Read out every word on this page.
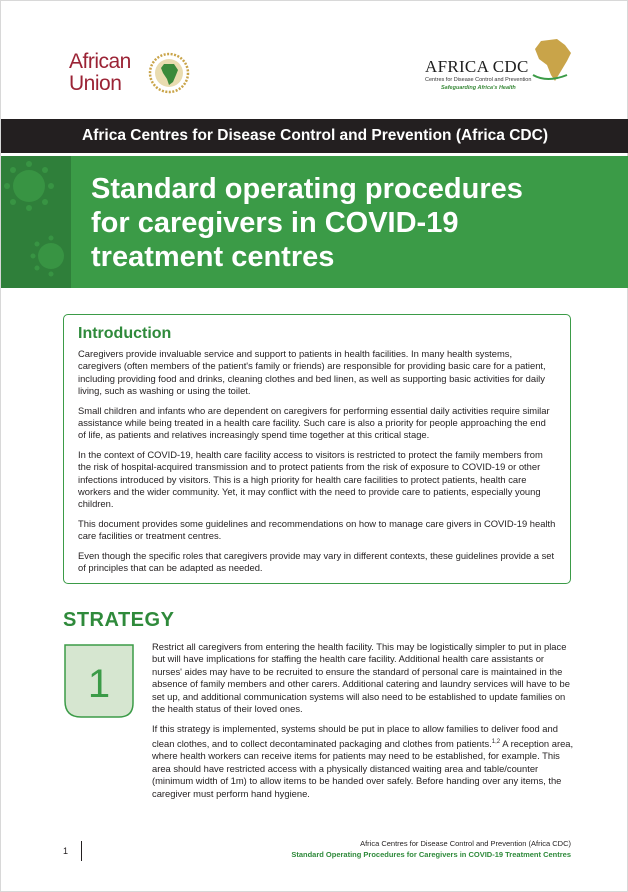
African
Union
AFRICA CDC
Centres for Disease Control and Prevention
Safeguarding Africa's Health
Africa Centres for Disease Control and Prevention (Africa CDC)
Standard operating procedures
for caregivers in COVID-19
treatment centres
Introduction

Caregivers provide invaluable service and support to patients in health facilities. In many health systems, caregivers (often members of the patient's family or friends) are responsible for providing basic care for a patient, including providing food and drinks, cleaning clothes and bed linen, as well as supporting basic activities for daily living, such as washing or using the toilet.

Small children and infants who are dependent on caregivers for performing essential daily activities require similar assistance while being treated in a health care facility. Such care is also a priority for people approaching the end of life, as patients and relatives increasingly spend time together at this critical stage.

In the context of COVID-19, health care facility access to visitors is restricted to protect the family members from the risk of hospital-acquired transmission and to protect patients from the risk of exposure to COVID-19 or other infections introduced by visitors. This is a high priority for health care facilities to protect patients, health care workers and the wider community. Yet, it may conflict with the need to provide care to patients, especially young children.

This document provides some guidelines and recommendations on how to manage care givers in COVID-19 health care facilities or treatment centres.

Even though the specific roles that caregivers provide may vary in different contexts, these guidelines provide a set of principles that can be adapted as needed.

STRATEGY
1

Restrict all caregivers from entering the health facility. This may be logistically simpler to put in place but will have implications for staffing the health care facility. Additional health care assistants or nurses' aides may have to be recruited to ensure the standard of personal care is maintained in the absence of family members and other carers. Additional catering and laundry services will have to be set up, and additional communication systems will also need to be established to update families on the health status of their loved ones.

If this strategy is implemented, systems should be put in place to allow families to deliver food and clean clothes, and to collect decontaminated packaging and clothes from patients.$^{1,2}$ A reception area, where health workers can receive items for patients may need to be established, for example. This area should have restricted access with a physically distanced waiting area and table/counter (minimum width of 1m) to allow items to be handed over safely. Before handing over any items, the caregiver must perform hand hygiene.

1
Africa Centres for Disease Control and Prevention (Africa CDC)
Standard Operating Procedures for Caregivers in COVID-19 Treatment Centres
